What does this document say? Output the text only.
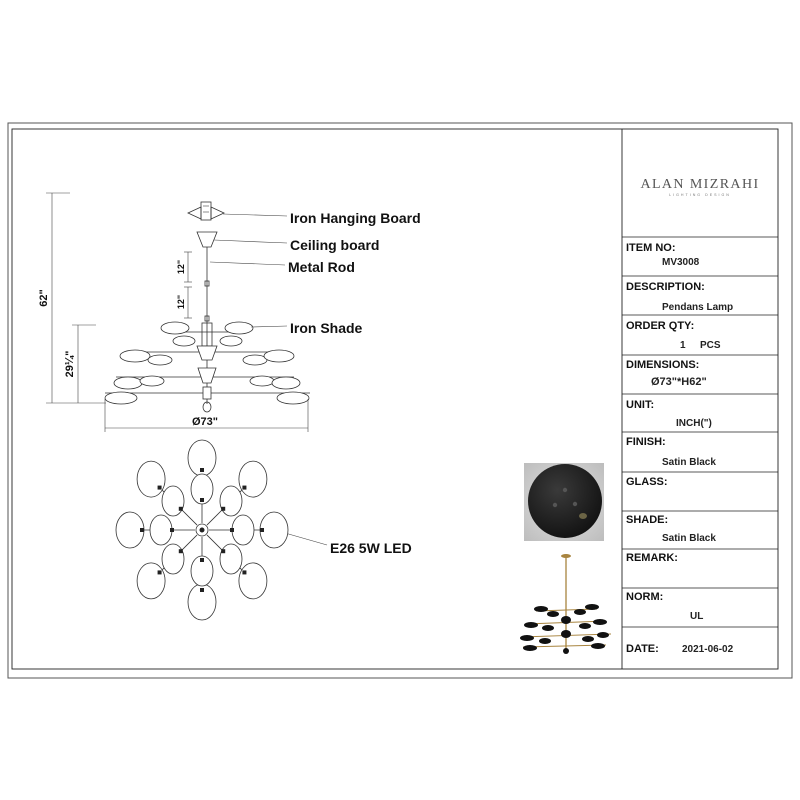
ALAN MIZRAHI
LIGHTING DESIGN
ITEM NO:
MV3008
DESCRIPTION:
Pendans Lamp
ORDER QTY:
1 PCS
DIMENSIONS:
Ø73"*H62"
UNIT:
INCH(")
FINISH:
Satin Black
GLASS:
SHADE:
Satin Black
REMARK:
NORM:
UL
DATE: 2021-06-02
Iron Hanging Board
Ceiling board
Metal Rod
Iron Shade
E26 5W LED
62"
29¼"
12"
12"
Ø73"
